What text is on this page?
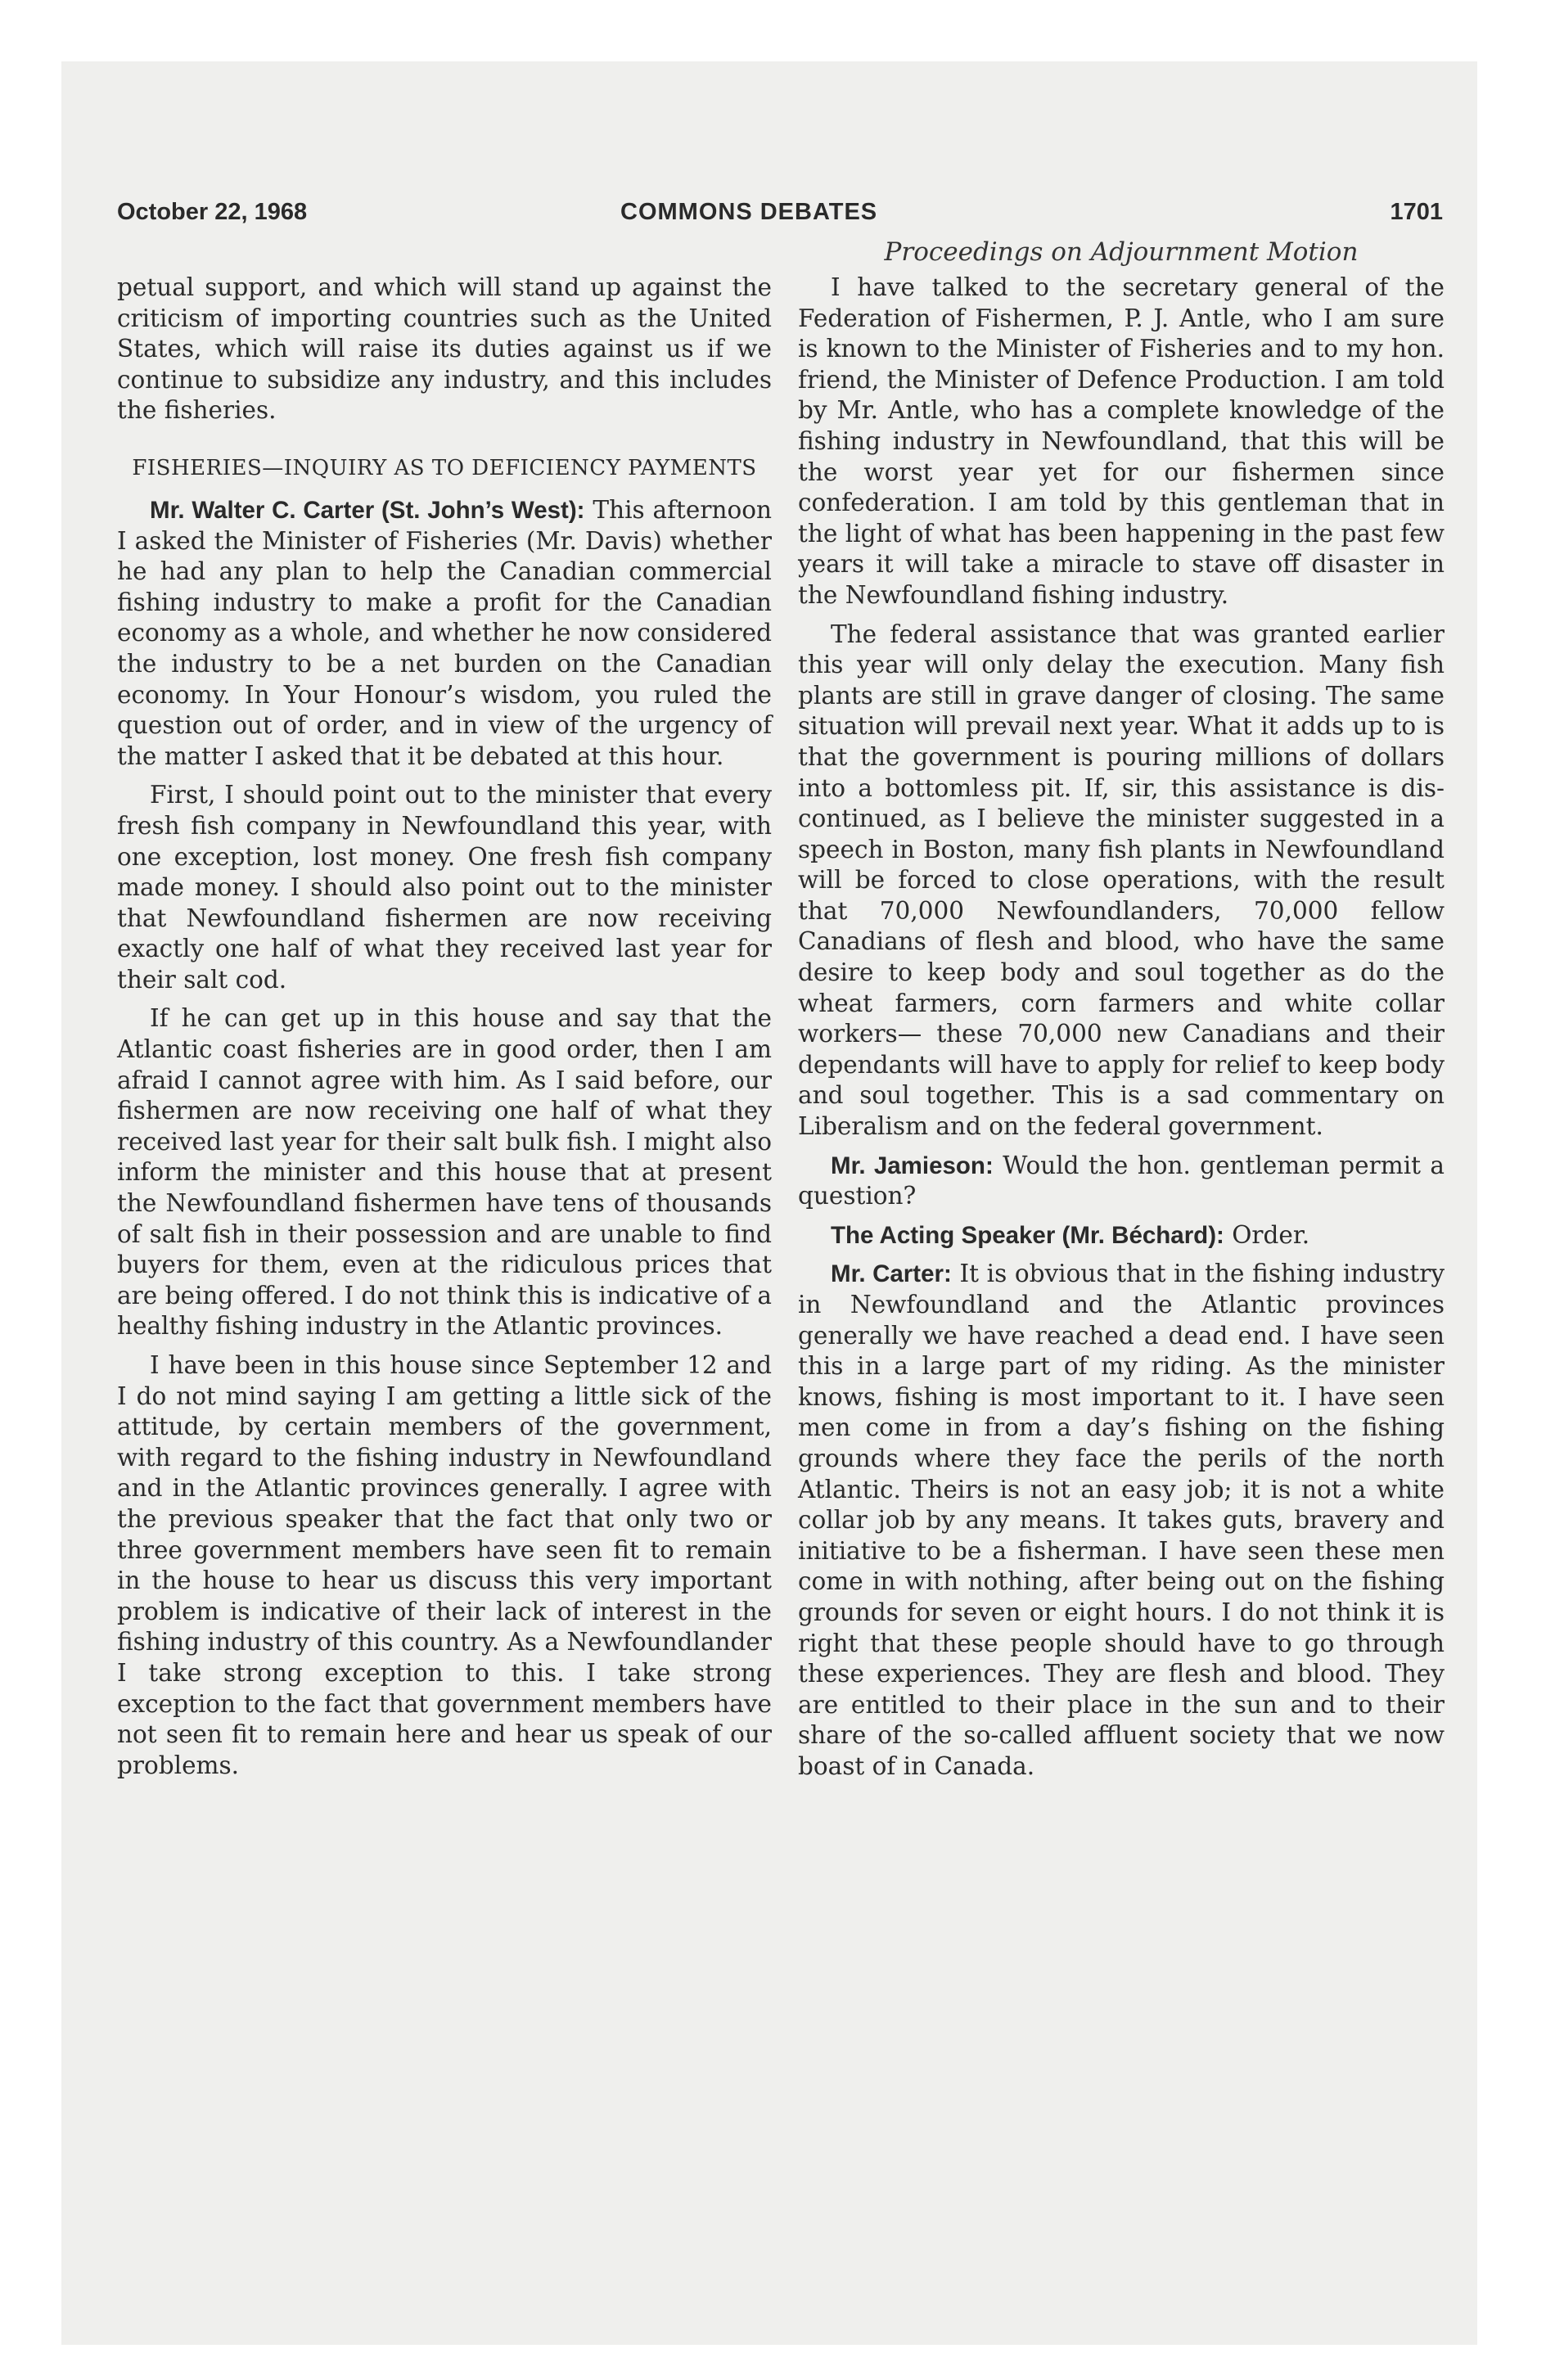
October 22, 1968	COMMONS DEBATES	1701
Proceedings on Adjournment Motion

petual support, and which will stand up against the criticism of importing countries such as the United States, which will raise its duties against us if we continue to subsidize any industry, and this includes the fisheries.

FISHERIES—INQUIRY AS TO DEFICIENCY PAYMENTS

Mr. Walter C. Carter (St. John’s West): This afternoon I asked the Minister of Fisheries (Mr. Davis) whether he had any plan to help the Canadian commercial fishing industry to make a profit for the Canadian economy as a whole, and whether he now considered the industry to be a net burden on the Canadian economy. In Your Honour’s wisdom, you ruled the question out of order, and in view of the urgency of the matter I asked that it be debated at this hour.

First, I should point out to the minister that every fresh fish company in Newfoundland this year, with one exception, lost money. One fresh fish company made money. I should also point out to the minister that Newfoundland fishermen are now receiving exactly one half of what they received last year for their salt cod.

If he can get up in this house and say that the Atlantic coast fisheries are in good order, then I am afraid I cannot agree with him. As I said before, our fishermen are now receiving one half of what they received last year for their salt bulk fish. I might also inform the minister and this house that at present the Newfoundland fishermen have tens of thousands of salt fish in their possession and are unable to find buyers for them, even at the ridiculous prices that are being offered. I do not think this is indicative of a healthy fishing industry in the Atlantic provinces.

I have been in this house since September 12 and I do not mind saying I am getting a little sick of the attitude, by certain members of the government, with regard to the fishing industry in Newfoundland and in the Atlantic provinces generally. I agree with the previous speaker that the fact that only two or three government members have seen fit to remain in the house to hear us discuss this very important problem is indicative of their lack of interest in the fishing industry of this country. As a Newfoundlander I take strong exception to this. I take strong exception to the fact that government members have not seen fit to remain here and hear us speak of our problems.

I have talked to the secretary general of the Federation of Fishermen, P. J. Antle, who I am sure is known to the Minister of Fisheries and to my hon. friend, the Minister of Defence Production. I am told by Mr. Antle, who has a complete knowledge of the fishing industry in Newfoundland, that this will be the worst year yet for our fishermen since confederation. I am told by this gentleman that in the light of what has been happening in the past few years it will take a miracle to stave off disaster in the Newfoundland fishing industry.

The federal assistance that was granted earlier this year will only delay the execution. Many fish plants are still in grave danger of closing. The same situation will prevail next year. What it adds up to is that the government is pouring millions of dollars into a bottomless pit. If, sir, this assistance is discontinued, as I believe the minister suggested in a speech in Boston, many fish plants in Newfoundland will be forced to close operations, with the result that 70,000 Newfoundlanders, 70,000 fellow Canadians of flesh and blood, who have the same desire to keep body and soul together as do the wheat farmers, corn farmers and white collar workers— these 70,000 new Canadians and their dependants will have to apply for relief to keep body and soul together. This is a sad commentary on Liberalism and on the federal government.

Mr. Jamieson: Would the hon. gentleman permit a question?

The Acting Speaker (Mr. Béchard): Order.

Mr. Carter: It is obvious that in the fishing industry in Newfoundland and the Atlantic provinces generally we have reached a dead end. I have seen this in a large part of my riding. As the minister knows, fishing is most important to it. I have seen men come in from a day’s fishing on the fishing grounds where they face the perils of the north Atlantic. Theirs is not an easy job; it is not a white collar job by any means. It takes guts, bravery and initiative to be a fisherman. I have seen these men come in with nothing, after being out on the fishing grounds for seven or eight hours. I do not think it is right that these people should have to go through these experiences. They are flesh and blood. They are entitled to their place in the sun and to their share of the so-called affluent society that we now boast of in Canada.
